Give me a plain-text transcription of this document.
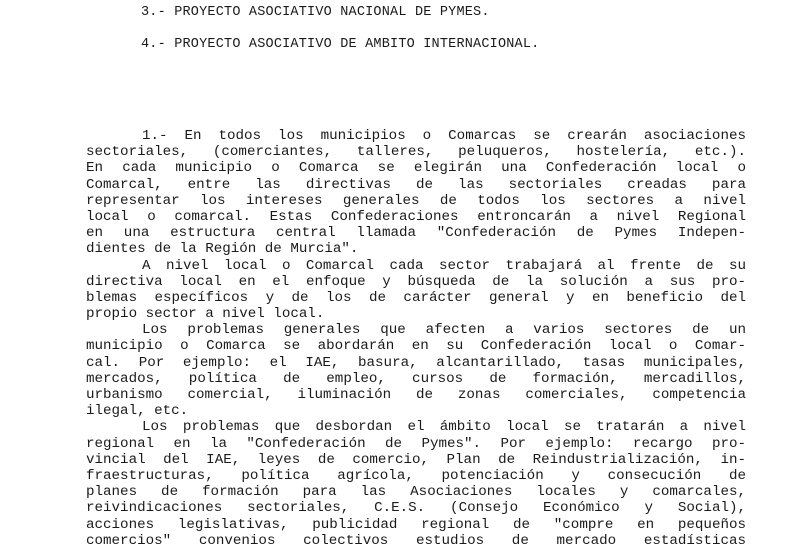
3.- PROYECTO ASOCIATIVO NACIONAL DE PYMES.
4.- PROYECTO ASOCIATIVO DE AMBITO INTERNACIONAL.
1.- En todos los municipios o Comarcas se crearán asociaciones
sectoriales, (comerciantes, talleres, peluqueros, hostelería, etc.).
En cada municipio o Comarca se elegirán una Confederación local o
Comarcal, entre las directivas de las sectoriales creadas para
representar los intereses generales de todos los sectores a nivel
local o comarcal. Estas Confederaciones entroncarán a nivel Regional
en una estructura central llamada "Confederación de Pymes Indepen-
dientes de la Región de Murcia".
A nivel local o Comarcal cada sector trabajará al frente de su
directiva local en el enfoque y búsqueda de la solución a sus pro-
blemas específicos y de los de carácter general y en beneficio del
propio sector a nivel local.
Los problemas generales que afecten a varios sectores de un
municipio o Comarca se abordarán en su Confederación local o Comar-
cal. Por ejemplo: el IAE, basura, alcantarillado, tasas municipales,
mercados, política de empleo, cursos de formación, mercadillos,
urbanismo comercial, iluminación de zonas comerciales, competencia
ilegal, etc.
Los problemas que desbordan el ámbito local se tratarán a nivel
regional en la "Confederación de Pymes". Por ejemplo: recargo pro-
vincial del IAE, leyes de comercio, Plan de Reindustrialización, in-
fraestructuras, política agrícola, potenciación y consecución de
planes de formación para las Asociaciones locales y comarcales,
reivindicaciones sectoriales, C.E.S. (Consejo Económico y Social),
acciones legislativas, publicidad regional de "compre en pequeños
comercios" convenios colectivos estudios de mercado estadísticas
